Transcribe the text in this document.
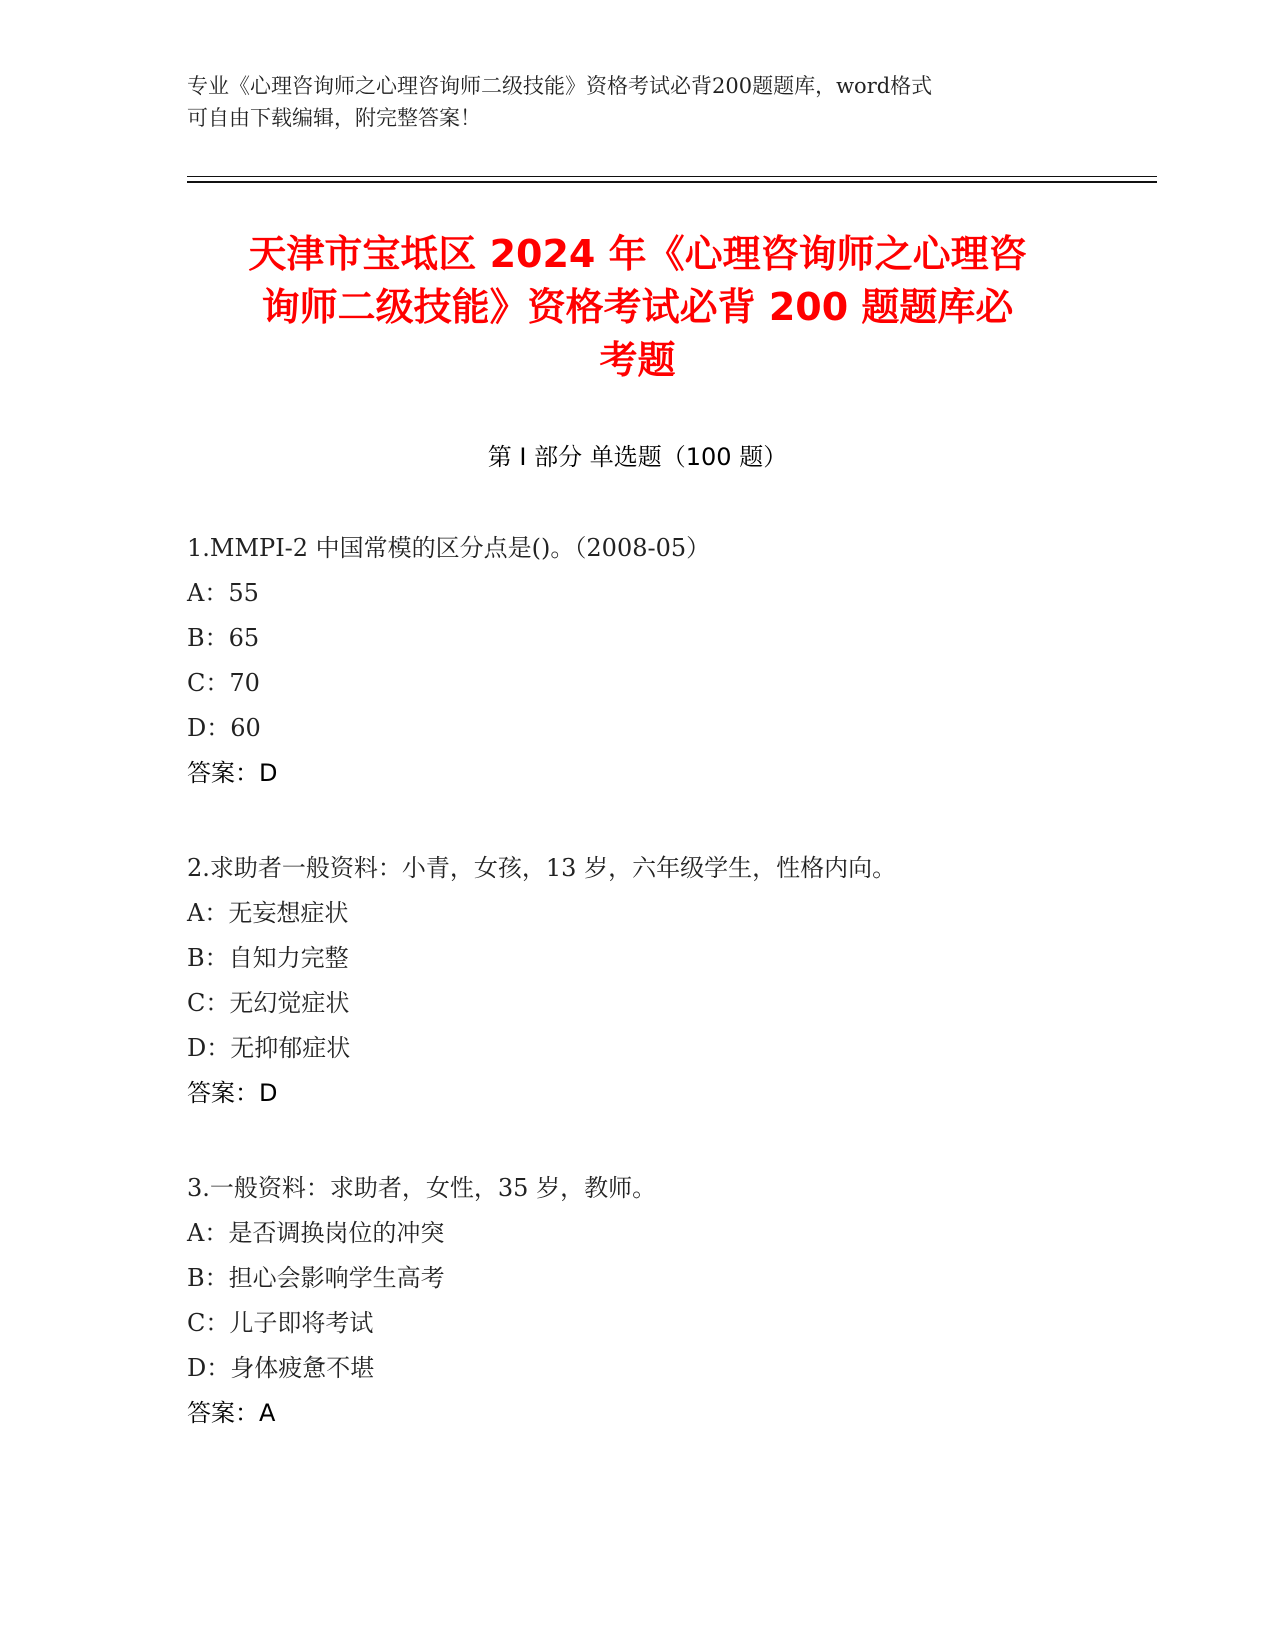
专业《心理咨询师之心理咨询师二级技能》资格考试必背200题题库，word格式
可自由下载编辑，附完整答案！
天津市宝坻区 2024 年《心理咨询师之心理咨
询师二级技能》资格考试必背 200 题题库必
考题
第 I 部分 单选题（100 题）
1.MMPI-2 中国常模的区分点是()。（2008-05）
A：55
B：65
C：70
D：60
答案：D
2.求助者一般资料：小青，女孩，13 岁，六年级学生，性格内向。
A：无妄想症状
B：自知力完整
C：无幻觉症状
D：无抑郁症状
答案：D
3.一般资料：求助者，女性，35 岁，教师。
A：是否调换岗位的冲突
B：担心会影响学生高考
C：儿子即将考试
D：身体疲惫不堪
答案：A
